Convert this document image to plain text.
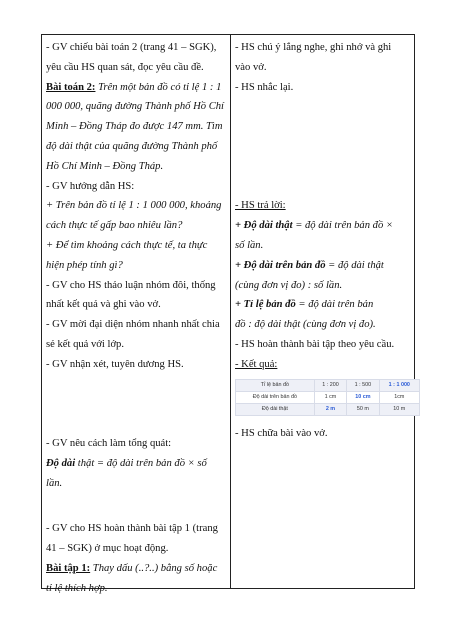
- GV chiếu bài toán 2 (trang 41 – SGK),
yêu cầu HS quan sát, đọc yêu cầu đề.
Bài toán 2: Trên một bản đồ có tỉ lệ 1 : 1
000 000, quãng đường Thành phố Hồ Chí
Minh – Đồng Tháp đo được 147 mm. Tìm
độ dài thật của quãng đường Thành phố
Hồ Chí Minh – Đồng Tháp.
- GV hướng dẫn HS:
+ Trên bản đồ tỉ lệ 1 : 1 000 000, khoảng
cách thực tế gấp bao nhiêu lần?
+ Để tìm khoảng cách thực tế, ta thực
hiện phép tính gì?
- GV cho HS thảo luận nhóm đôi, thống
nhất kết quả và ghi vào vở.
- GV mời đại diện nhóm nhanh nhất chia
sẻ kết quả với lớp.
- GV nhận xét, tuyên dương HS.
- GV nêu cách làm tổng quát:
Độ dài thật = độ dài trên bản đồ × số
lần.
- GV cho HS hoàn thành bài tập 1 (trang
41 – SGK) ở mục hoạt động.
Bài tập 1: Thay dấu (..?..) bằng số hoặc
tỉ lệ thích hợp.
- HS chú ý lắng nghe, ghi nhớ và ghi
vào vở.
- HS nhắc lại.
- HS trả lời:
+ Độ dài thật = độ dài trên bản đồ ×
số lần.
+ Độ dài trên bản đồ = độ dài thật
(cùng đơn vị đo) : số lần.
+ Tỉ lệ bản đồ = độ dài trên bản
đồ : độ dài thật (cùng đơn vị đo).
- HS hoàn thành bài tập theo yêu cầu.
- Kết quả:
Tỉ lệ bản đồ	1 : 200	1 : 500	1 : 1 000
Độ dài trên bản đồ	1 cm	10 cm	1cm
Độ dài thật	2 m	50 m	10 m
- HS chữa bài vào vở.
